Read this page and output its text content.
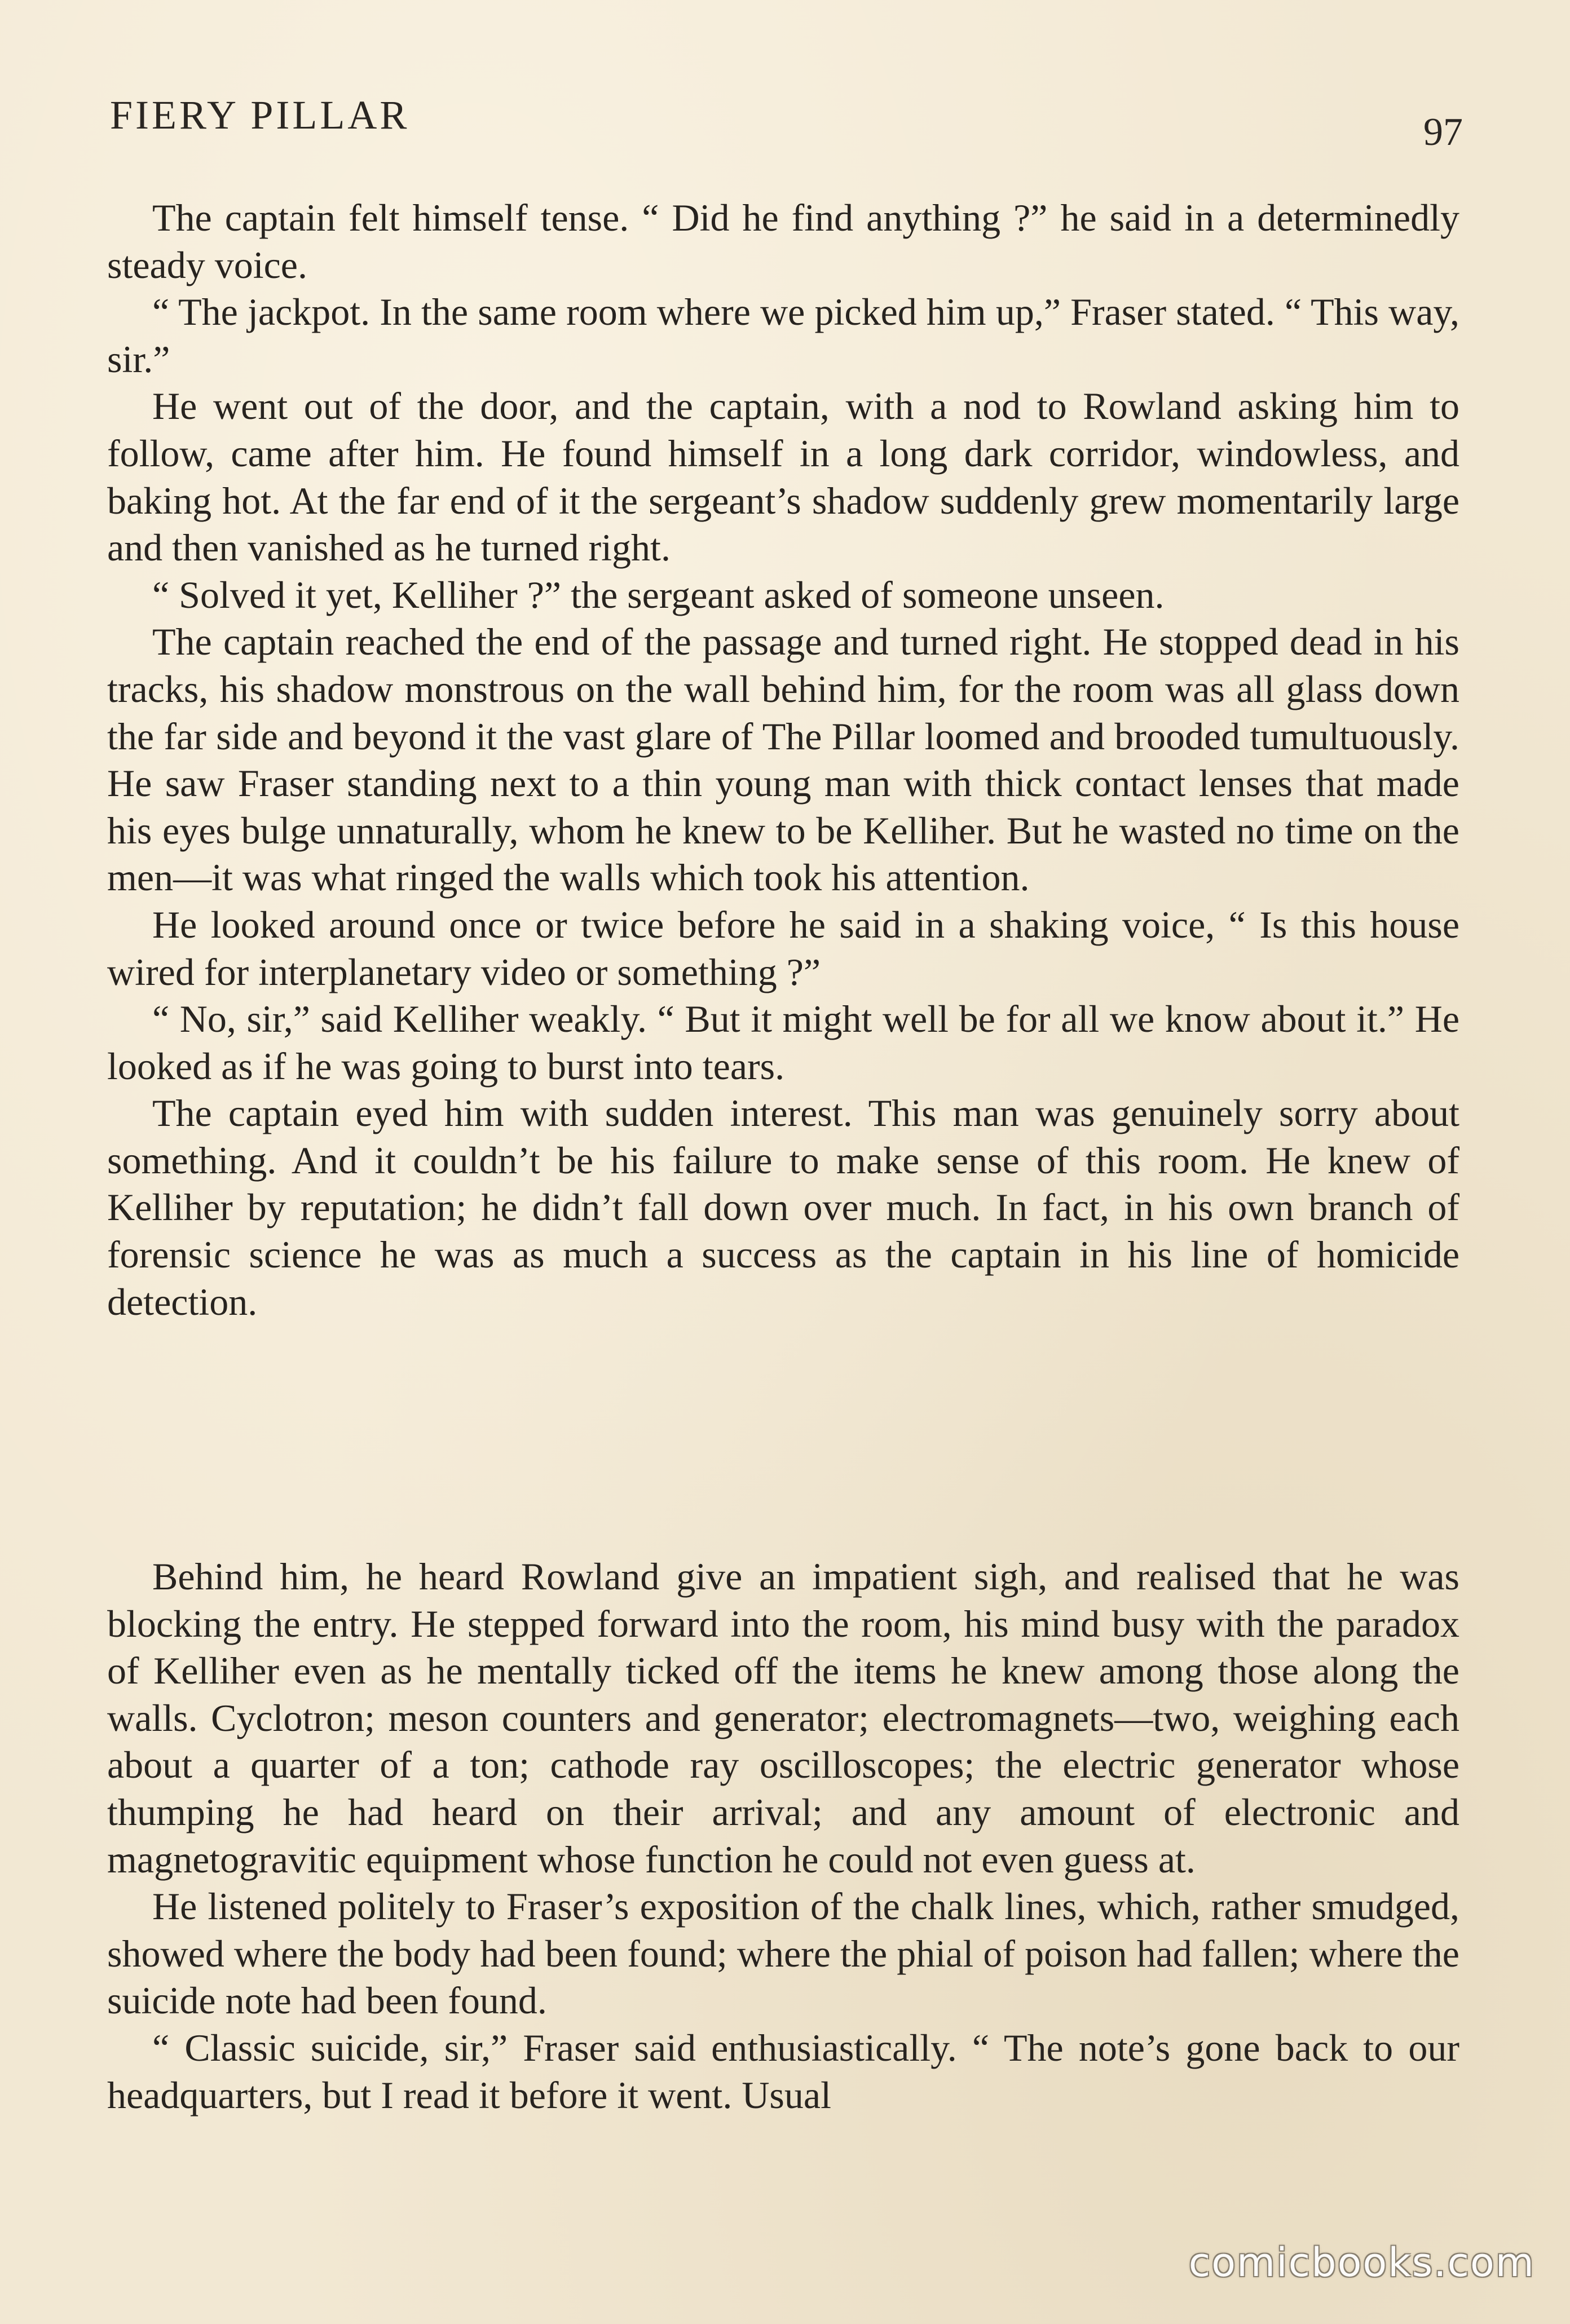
FIERY PILLAR	97

The captain felt himself tense. “ Did he find anything ?” he said in a determinedly steady voice.

“ The jackpot. In the same room where we picked him up,” Fraser stated. “ This way, sir.”

He went out of the door, and the captain, with a nod to Rowland asking him to follow, came after him. He found himself in a long dark corridor, windowless, and baking hot. At the far end of it the sergeant’s shadow suddenly grew momentarily large and then vanished as he turned right.

“ Solved it yet, Kelliher ?” the sergeant asked of someone unseen.

The captain reached the end of the passage and turned right. He stopped dead in his tracks, his shadow monstrous on the wall behind him, for the room was all glass down the far side and beyond it the vast glare of The Pillar loomed and brooded tumultuously. He saw Fraser standing next to a thin young man with thick contact lenses that made his eyes bulge unnaturally, whom he knew to be Kelliher. But he wasted no time on the men—it was what ringed the walls which took his attention.

He looked around once or twice before he said in a shaking voice, “ Is this house wired for interplanetary video or something ?”

“ No, sir,” said Kelliher weakly. “ But it might well be for all we know about it.” He looked as if he was going to burst into tears.

The captain eyed him with sudden interest. This man was genuinely sorry about something. And it couldn’t be his failure to make sense of this room. He knew of Kelliher by reputation; he didn’t fall down over much. In fact, in his own branch of forensic science he was as much a success as the captain in his line of homicide detection.

Behind him, he heard Rowland give an impatient sigh, and realised that he was blocking the entry. He stepped forward into the room, his mind busy with the paradox of Kelliher even as he mentally ticked off the items he knew among those along the walls. Cyclotron; meson counters and generator; electromagnets—two, weighing each about a quarter of a ton; cathode ray oscilloscopes; the electric generator whose thumping he had heard on their arrival; and any amount of electronic and magnetogravitic equipment whose function he could not even guess at.

He listened politely to Fraser’s exposition of the chalk lines, which, rather smudged, showed where the body had been found; where the phial of poison had fallen; where the suicide note had been found.

“ Classic suicide, sir,” Fraser said enthusiastically. “ The note’s gone back to our headquarters, but I read it before it went. Usual

comicbooks.com
